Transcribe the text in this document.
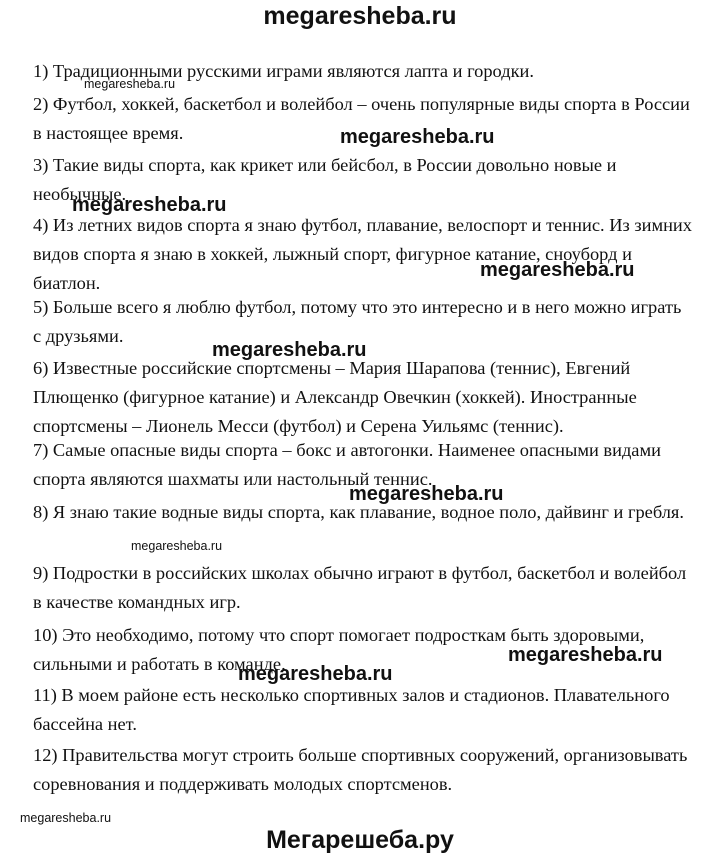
megaresheba.ru

1) Традиционными русскими играми являются лапта и городки.

2) Футбол, хоккей, баскетбол и волейбол – очень популярные виды спорта в России в настоящее время.

3) Такие виды спорта, как крикет или бейсбол, в России довольно новые и необычные.

4) Из летних видов спорта я знаю футбол, плавание, велоспорт и теннис. Из зимних видов спорта я знаю в хоккей, лыжный спорт, фигурное катание, сноуборд и биатлон.

5) Больше всего я люблю футбол, потому что это интересно и в него можно играть с друзьями.

6) Известные российские спортсмены – Мария Шарапова (теннис), Евгений Плющенко (фигурное катание) и Александр Овечкин (хоккей). Иностранные спортсмены – Лионель Месси (футбол) и Серена Уильямс (теннис).

7) Самые опасные виды спорта – бокс и автогонки. Наименее опасными видами спорта являются шахматы или настольный теннис.

8) Я знаю такие водные виды спорта, как плавание, водное поло, дайвинг и гребля.

9) Подростки в российских школах обычно играют в футбол, баскетбол и волейбол в качестве командных игр.

10) Это необходимо, потому что спорт помогает подросткам быть здоровыми, сильными и работать в команде.

11) В моем районе есть несколько спортивных залов и стадионов. Плавательного бассейна нет.

12) Правительства могут строить больше спортивных сооружений, организовывать соревнования и поддерживать молодых спортсменов.

megaresheba.ru
megaresheba.ru
megaresheba.ru
megaresheba.ru
megaresheba.ru
megaresheba.ru
megaresheba.ru
megaresheba.ru
megaresheba.ru
megaresheba.ru
Мегарешеба.ру
